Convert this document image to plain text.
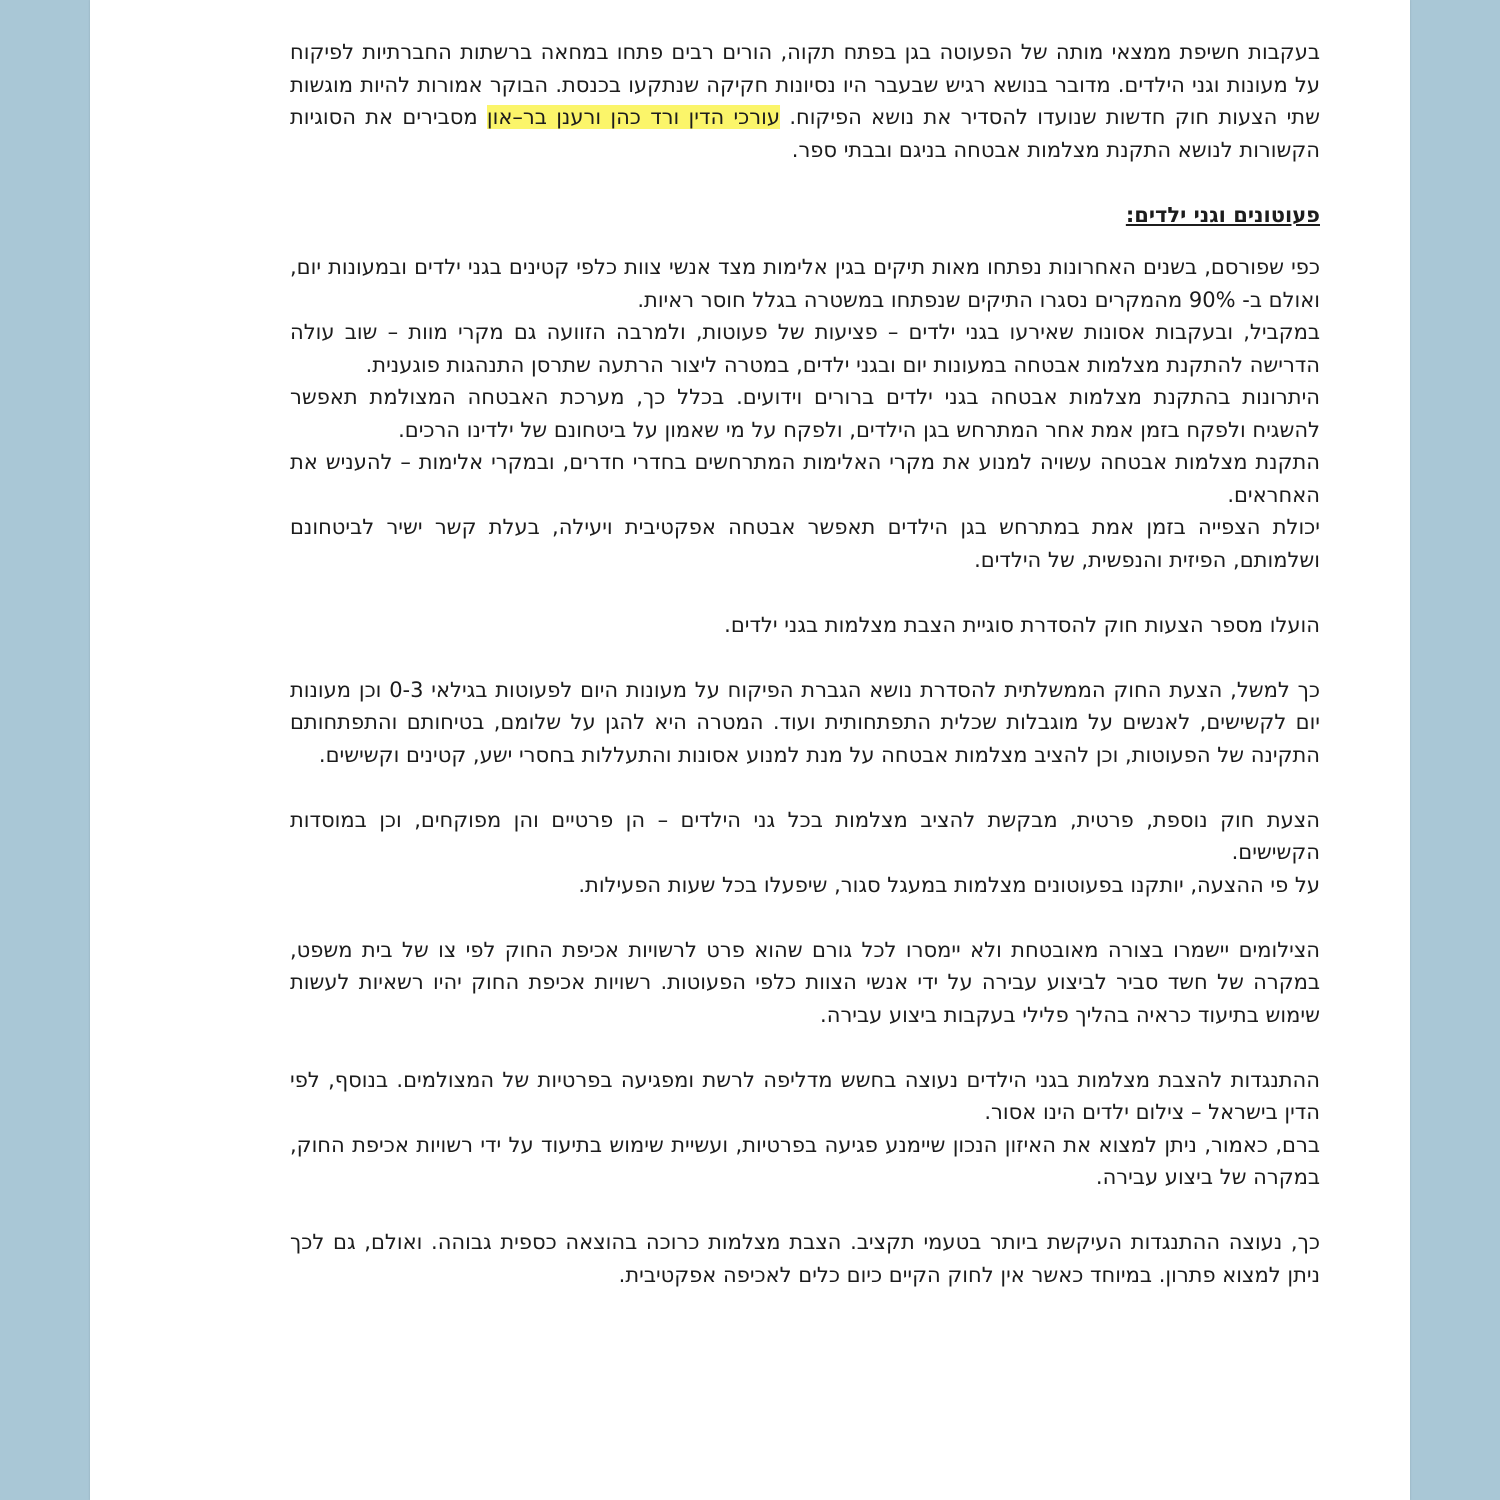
בעקבות חשיפת ממצאי מותה של הפעוטה בגן בפתח תקוה, הורים רבים פתחו במחאה ברשתות החברתיות לפיקוח על מעונות וגני הילדים. מדובר בנושא רגיש שבעבר היו נסיונות חקיקה שנתקעו בכנסת. הבוקר אמורות להיות מוגשות שתי הצעות חוק חדשות שנועדו להסדיר את נושא הפיקוח. עורכי הדין ורד כהן ורענן בר–און מסבירים את הסוגיות הקשורות לנושא התקנת מצלמות אבטחה בניגם ובבתי ספר.

פעוטונים וגני ילדים:

כפי שפורסם, בשנים האחרונות נפתחו מאות תיקים בגין אלימות מצד אנשי צוות כלפי קטינים בגני ילדים ובמעונות יום, ואולם ב- 90% מהמקרים נסגרו התיקים שנפתחו במשטרה בגלל חוסר ראיות.

במקביל, ובעקבות אסונות שאירעו בגני ילדים – פציעות של פעוטות, ולמרבה הזוועה גם מקרי מוות – שוב עולה הדרישה להתקנת מצלמות אבטחה במעונות יום ובגני ילדים, במטרה ליצור הרתעה שתרסן התנהגות פוגענית.

היתרונות בהתקנת מצלמות אבטחה בגני ילדים ברורים וידועים. בכלל כך, מערכת האבטחה המצולמת תאפשר להשגיח ולפקח בזמן אמת אחר המתרחש בגן הילדים, ולפקח על מי שאמון על ביטחונם של ילדינו הרכים.

התקנת מצלמות אבטחה עשויה למנוע את מקרי האלימות המתרחשים בחדרי חדרים, ובמקרי אלימות – להעניש את האחראים.

יכולת הצפייה בזמן אמת במתרחש בגן הילדים תאפשר אבטחה אפקטיבית ויעילה, בעלת קשר ישיר לביטחונם ושלמותם, הפיזית והנפשית, של הילדים.

הועלו מספר הצעות חוק להסדרת סוגיית הצבת מצלמות בגני ילדים.

כך למשל, הצעת החוק הממשלתית להסדרת נושא הגברת הפיקוח על מעונות היום לפעוטות בגילאי 0-3 וכן מעונות יום לקשישים, לאנשים על מוגבלות שכלית התפתחותית ועוד. המטרה היא להגן על שלומם, בטיחותם והתפתחותם התקינה של הפעוטות, וכן להציב מצלמות אבטחה על מנת למנוע אסונות והתעללות בחסרי ישע, קטינים וקשישים.

הצעת חוק נוספת, פרטית, מבקשת להציב מצלמות בכל גני הילדים – הן פרטיים והן מפוקחים, וכן במוסדות הקשישים.

על פי ההצעה, יותקנו בפעוטונים מצלמות במעגל סגור, שיפעלו בכל שעות הפעילות.

הצילומים יישמרו בצורה מאובטחת ולא יימסרו לכל גורם שהוא פרט לרשויות אכיפת החוק לפי צו של בית משפט, במקרה של חשד סביר לביצוע עבירה על ידי אנשי הצוות כלפי הפעוטות. רשויות אכיפת החוק יהיו רשאיות לעשות שימוש בתיעוד כראיה בהליך פלילי בעקבות ביצוע עבירה.

ההתנגדות להצבת מצלמות בגני הילדים נעוצה בחשש מדליפה לרשת ומפגיעה בפרטיות של המצולמים. בנוסף, לפי הדין בישראל – צילום ילדים הינו אסור.

ברם, כאמור, ניתן למצוא את האיזון הנכון שיימנע פגיעה בפרטיות, ועשיית שימוש בתיעוד על ידי רשויות אכיפת החוק, במקרה של ביצוע עבירה.

כך, נעוצה ההתנגדות העיקשת ביותר בטעמי תקציב. הצבת מצלמות כרוכה בהוצאה כספית גבוהה. ואולם, גם לכך ניתן למצוא פתרון. במיוחד כאשר אין לחוק הקיים כיום כלים לאכיפה אפקטיבית.
